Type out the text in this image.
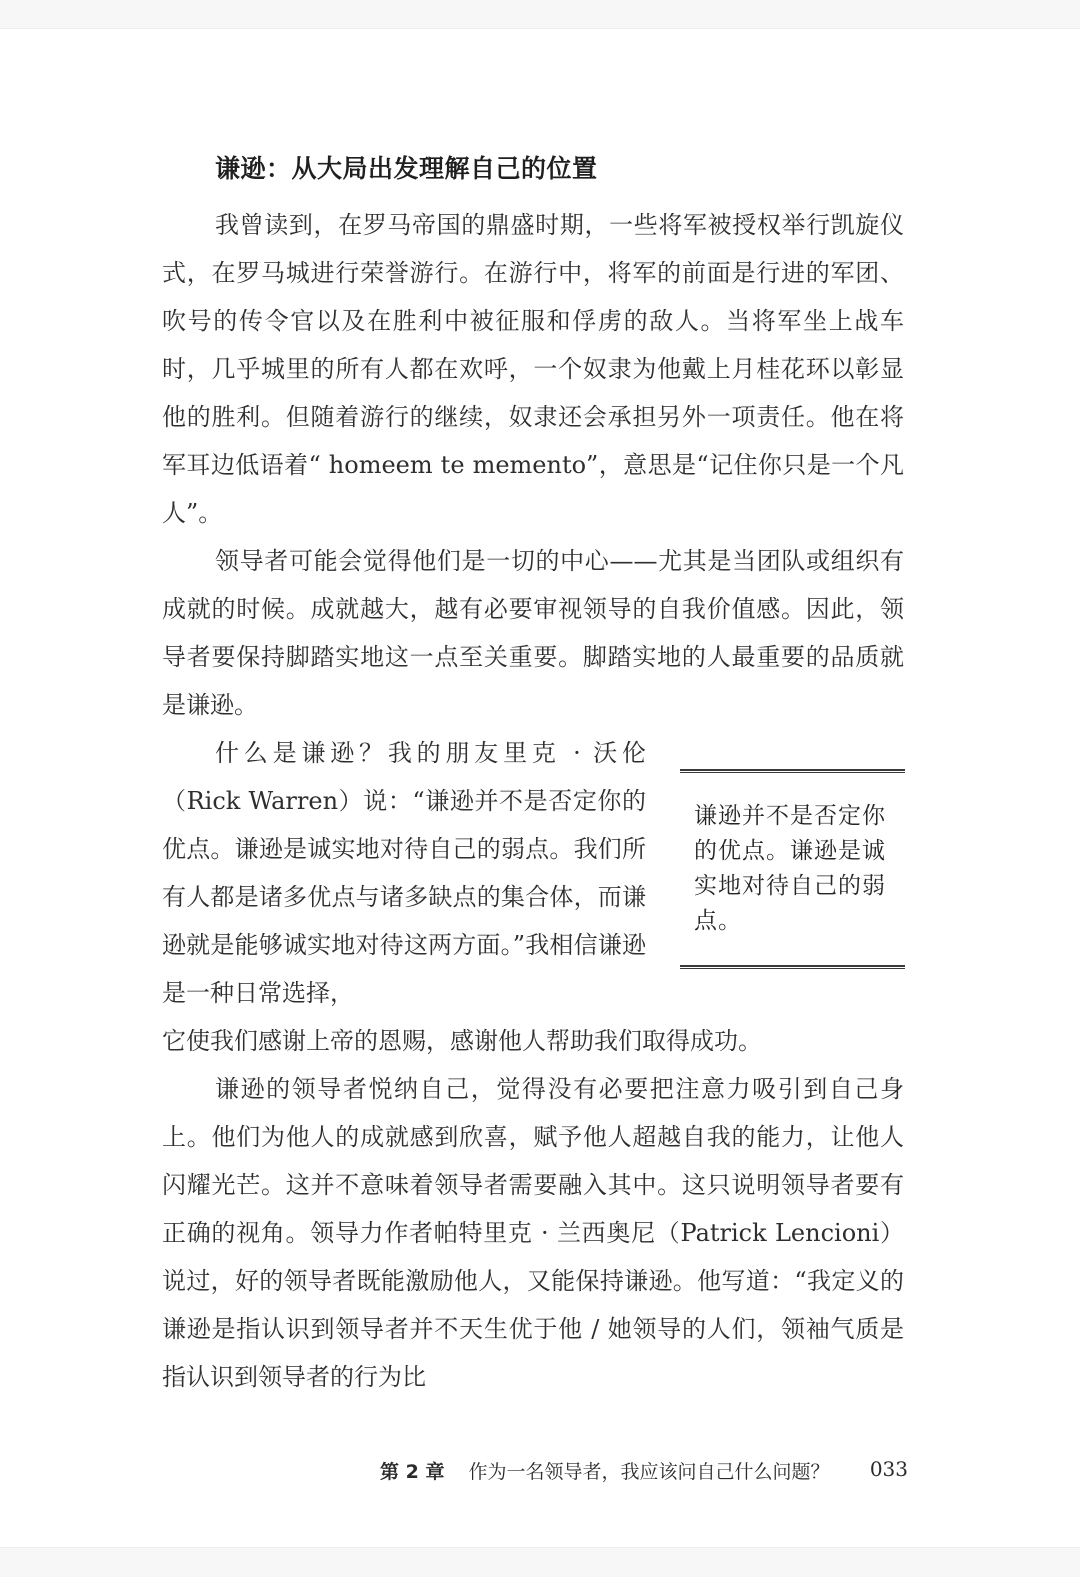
谦逊：从大局出发理解自己的位置

我曾读到，在罗马帝国的鼎盛时期，一些将军被授权举行凯旋仪式，在罗马城进行荣誉游行。在游行中，将军的前面是行进的军团、吹号的传令官以及在胜利中被征服和俘虏的敌人。当将军坐上战车时，几乎城里的所有人都在欢呼，一个奴隶为他戴上月桂花环以彰显他的胜利。但随着游行的继续，奴隶还会承担另外一项责任。他在将军耳边低语着“ homeem te memento”，意思是“记住你只是一个凡人”。

领导者可能会觉得他们是一切的中心——尤其是当团队或组织有成就的时候。成就越大，越有必要审视领导的自我价值感。因此，领导者要保持脚踏实地这一点至关重要。脚踏实地的人最重要的品质就是谦逊。

什么是谦逊？我的朋友里克 · 沃伦（Rick Warren）说：“谦逊并不是否定你的优点。谦逊是诚实地对待自己的弱点。我们所有人都是诸多优点与诸多缺点的集合体，而谦逊就是能够诚实地对待这两方面。”我相信谦逊是一种日常选择，

它使我们感谢上帝的恩赐，感谢他人帮助我们取得成功。

谦逊并不是否定你的优点。谦逊是诚实地对待自己的弱点。

谦逊的领导者悦纳自己，觉得没有必要把注意力吸引到自己身上。他们为他人的成就感到欣喜，赋予他人超越自我的能力，让他人闪耀光芒。这并不意味着领导者需要融入其中。这只说明领导者要有正确的视角。领导力作者帕特里克 · 兰西奥尼（Patrick Lencioni）说过，好的领导者既能激励他人，又能保持谦逊。他写道：“我定义的谦逊是指认识到领导者并不天生优于他 / 她领导的人们，领袖气质是指认识到领导者的行为比

第 2 章 作为一名领导者，我应该问自己什么问题？ 033
